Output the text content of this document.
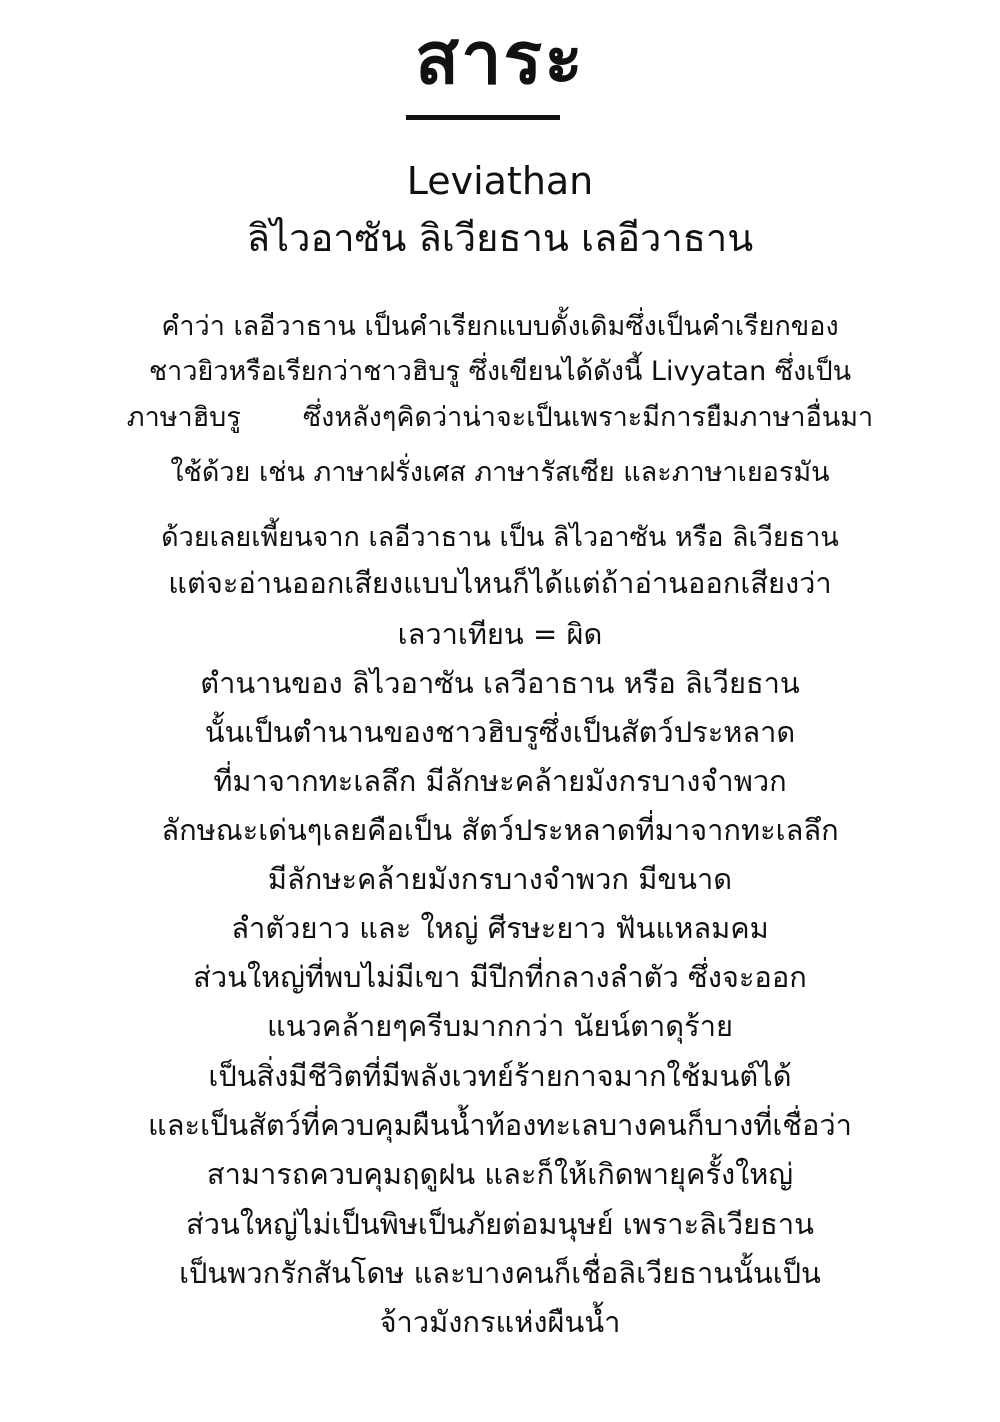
สาระ
Leviathan
ลิไวอาซัน ลิเวียธาน เลอีวาธาน
คำว่า เลอีวาธาน เป็นคำเรียกแบบดั้งเดิมซึ่งเป็นคำเรียกของ
ชาวยิวหรือเรียกว่าชาวฮิบรู ซึ่งเขียนได้ดังนี้ Livyatan ซึ่งเป็น
ภาษาฮิบรู ซึ่งหลังๆคิดว่าน่าจะเป็นเพราะมีการยืมภาษาอื่นมา
ใช้ด้วย เช่น ภาษาฝรั่งเศส ภาษารัสเซีย และภาษาเยอรมัน
ด้วยเลยเพี้ยนจาก เลอีวาธาน เป็น ลิไวอาซัน หรือ ลิเวียธาน
แต่จะอ่านออกเสียงแบบไหนก็ได้แต่ถ้าอ่านออกเสียงว่า
เลวาเทียน = ผิด
ตำนานของ ลิไวอาซัน เลวีอาธาน หรือ ลิเวียธาน
นั้นเป็นตำนานของชาวฮิบรูซึ่งเป็นสัตว์ประหลาด
ที่มาจากทะเลลึก มีลักษะคล้ายมังกรบางจำพวก
ลักษณะเด่นๆเลยคือเป็น สัตว์ประหลาดที่มาจากทะเลลึก
มีลักษะคล้ายมังกรบางจำพวก มีขนาด
ลำตัวยาว และ ใหญ่ ศีรษะยาว ฟันแหลมคม
ส่วนใหญ่ที่พบไม่มีเขา มีปีกที่กลางลำตัว ซึ่งจะออก
แนวคล้ายๆครีบมากกว่า นัยน์ตาดุร้าย
เป็นสิ่งมีชีวิตที่มีพลังเวทย์ร้ายกาจมากใช้มนต์ได้
และเป็นสัตว์ที่ควบคุมผืนน้ำท้องทะเลบางคนก็บางที่เชื่อว่า
สามารถควบคุมฤดูฝน และก็ให้เกิดพายุครั้งใหญ่
ส่วนใหญ่ไม่เป็นพิษเป็นภัยต่อมนุษย์ เพราะลิเวียธาน
เป็นพวกรักสันโดษ และบางคนก็เชื่อลิเวียธานนั้นเป็น
จ้าวมังกรแห่งผืนน้ำ
